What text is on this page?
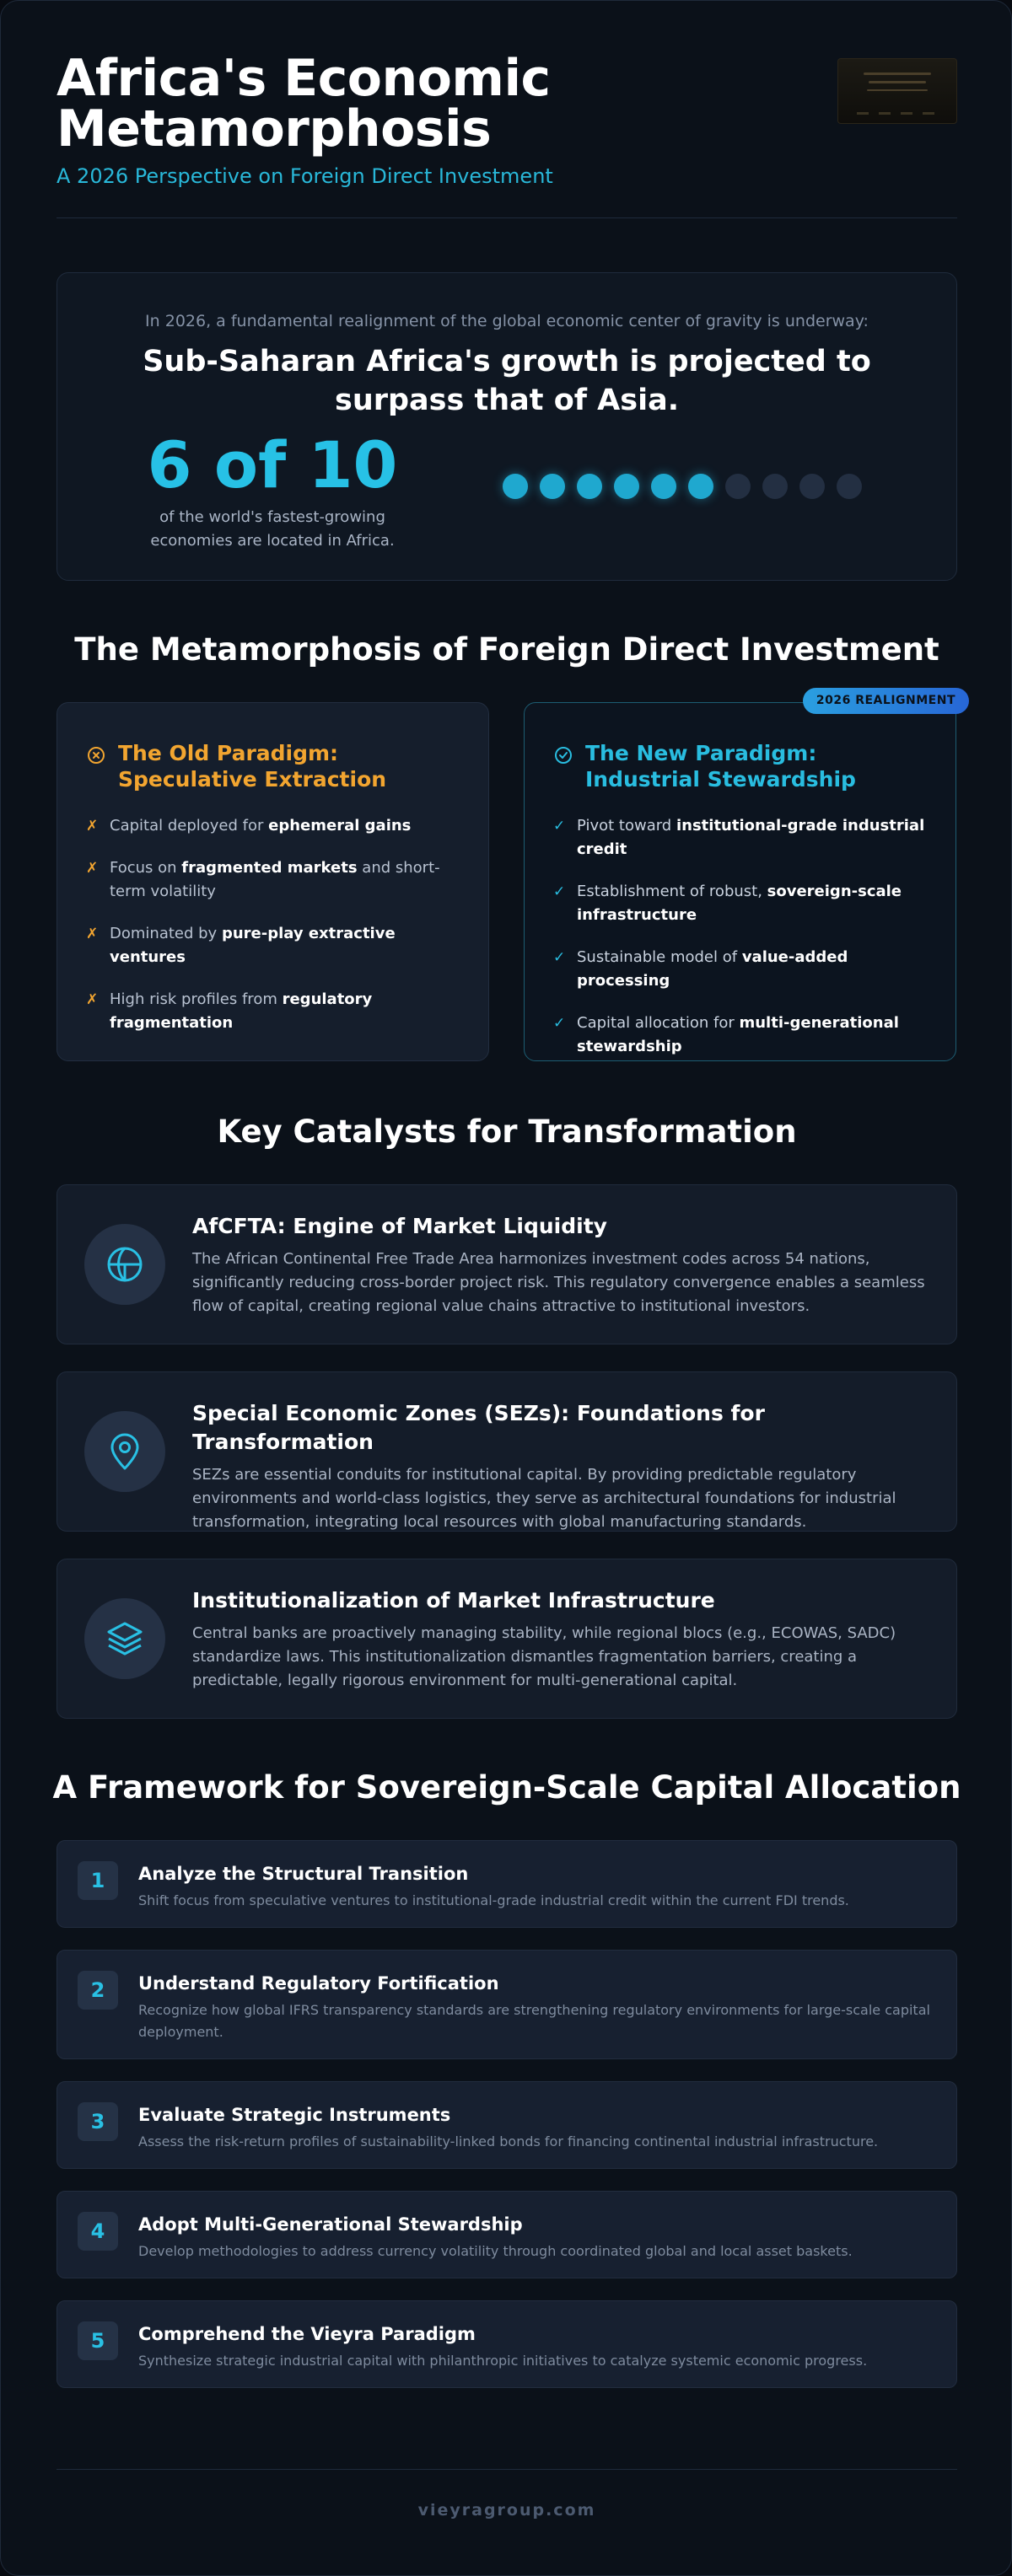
Africa's Economic Metamorphosis
A 2026 Perspective on Foreign Direct Investment
In 2026, a fundamental realignment of the global economic center of gravity is underway:
Sub-Saharan Africa's growth is projected to surpass that of Asia.
6 of 10
of the world's fastest-growing economies are located in Africa.
The Metamorphosis of Foreign Direct Investment
The Old Paradigm: Speculative Extraction
✗ Capital deployed for ephemeral gains
✗ Focus on fragmented markets and short-term volatility
✗ Dominated by pure-play extractive ventures
✗ High risk profiles from regulatory fragmentation
2026 REALIGNMENT
The New Paradigm: Industrial Stewardship
✓ Pivot toward institutional-grade industrial credit
✓ Establishment of robust, sovereign-scale infrastructure
✓ Sustainable model of value-added processing
✓ Capital allocation for multi-generational stewardship
Key Catalysts for Transformation
AfCFTA: Engine of Market Liquidity
The African Continental Free Trade Area harmonizes investment codes across 54 nations, significantly reducing cross-border project risk. This regulatory convergence enables a seamless flow of capital, creating regional value chains attractive to institutional investors.
Special Economic Zones (SEZs): Foundations for Transformation
SEZs are essential conduits for institutional capital. By providing predictable regulatory environments and world-class logistics, they serve as architectural foundations for industrial transformation, integrating local resources with global manufacturing standards.
Institutionalization of Market Infrastructure
Central banks are proactively managing stability, while regional blocs (e.g., ECOWAS, SADC) standardize laws. This institutionalization dismantles fragmentation barriers, creating a predictable, legally rigorous environment for multi-generational capital.
A Framework for Sovereign-Scale Capital Allocation
1	Analyze the Structural Transition
Shift focus from speculative ventures to institutional-grade industrial credit within the current FDI trends.
2	Understand Regulatory Fortification
Recognize how global IFRS transparency standards are strengthening regulatory environments for large-scale capital deployment.
3	Evaluate Strategic Instruments
Assess the risk-return profiles of sustainability-linked bonds for financing continental industrial infrastructure.
4	Adopt Multi-Generational Stewardship
Develop methodologies to address currency volatility through coordinated global and local asset baskets.
5	Comprehend the Vieyra Paradigm
Synthesize strategic industrial capital with philanthropic initiatives to catalyze systemic economic progress.
vieyragroup.com
